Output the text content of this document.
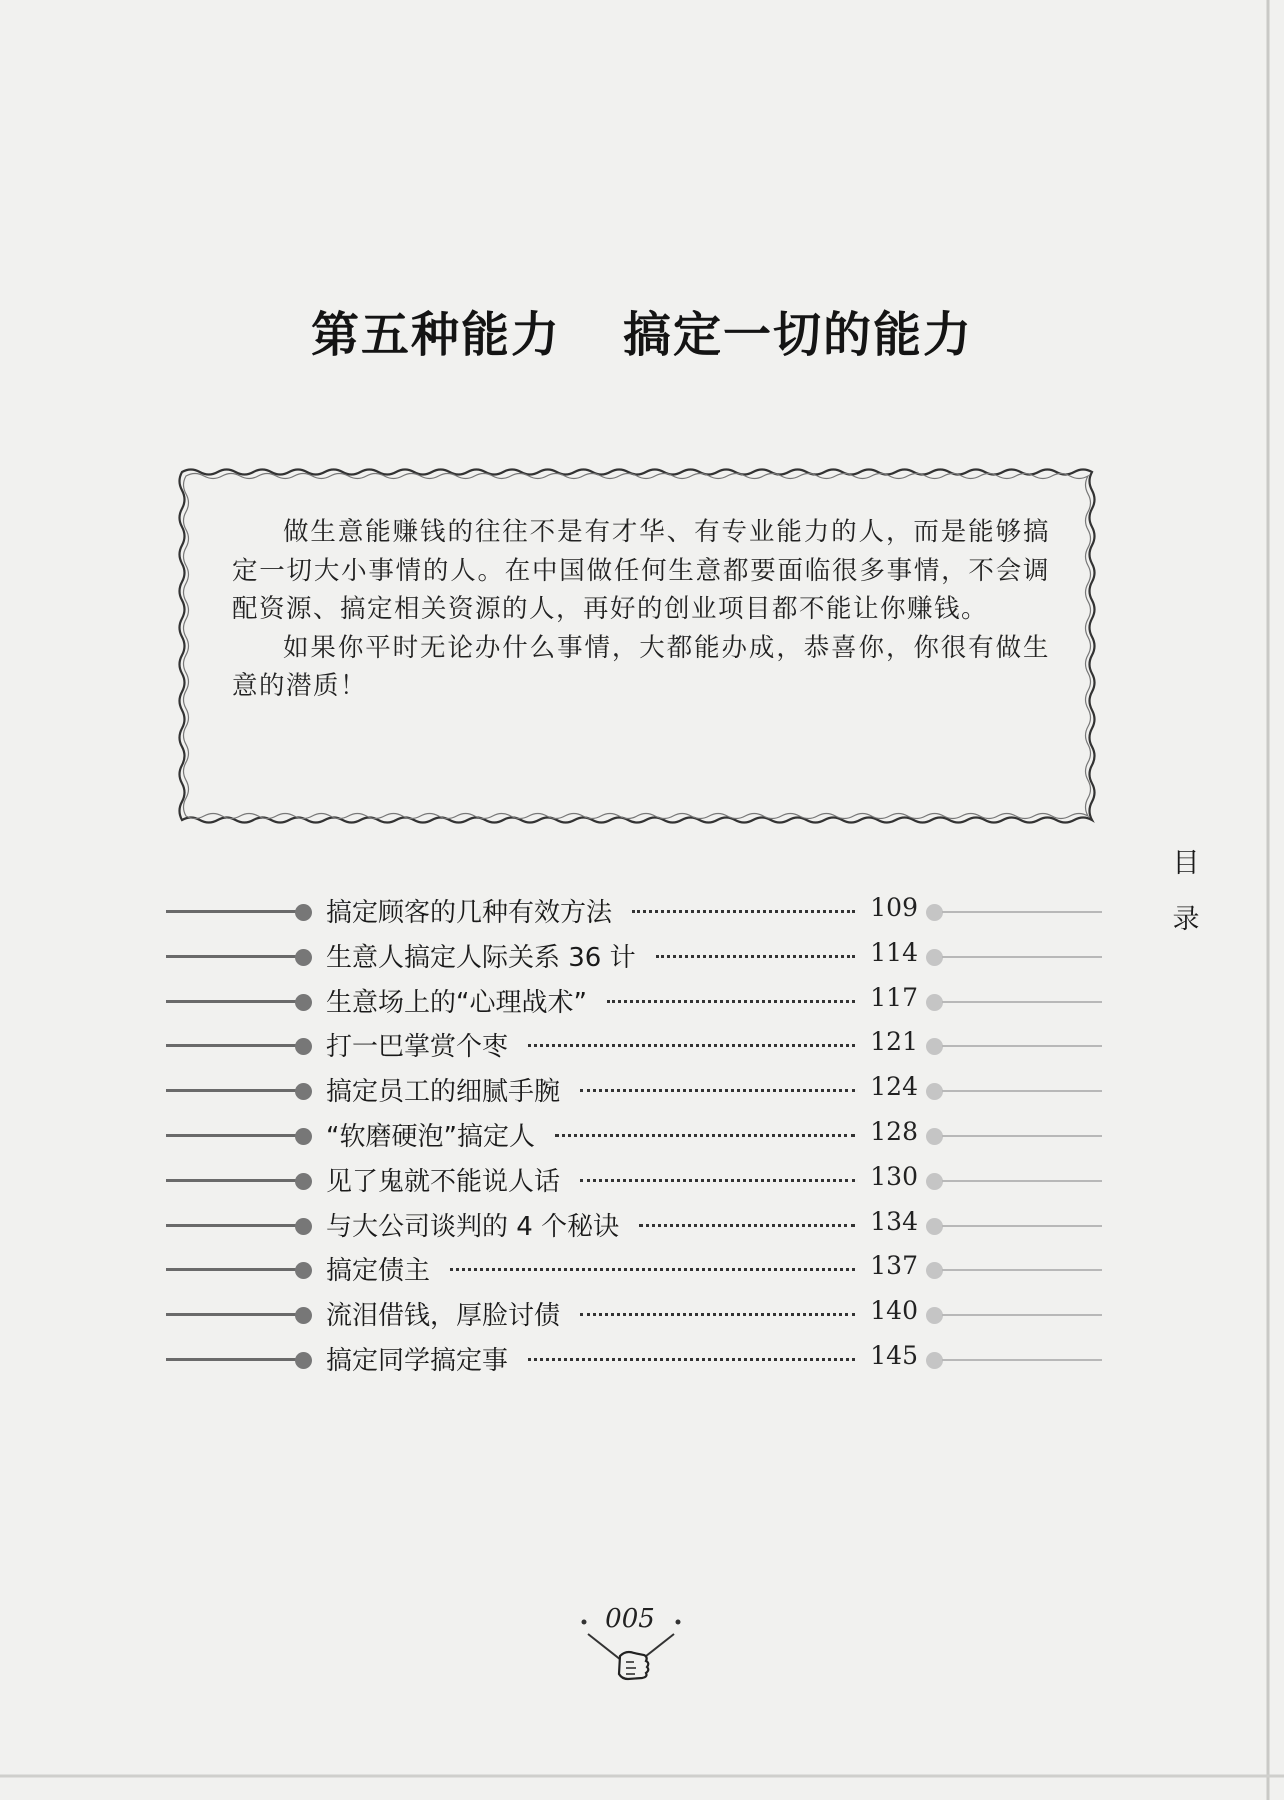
第五种能力 搞定一切的能力

做生意能赚钱的往往不是有才华、有专业能力的人，而是能够搞定一切大小事情的人。在中国做任何生意都要面临很多事情，不会调配资源、搞定相关资源的人，再好的创业项目都不能让你赚钱。

如果你平时无论办什么事情，大都能办成，恭喜你，你很有做生意的潜质！

搞定顾客的几种有效方法	109
生意人搞定人际关系 36 计	114
生意场上的“心理战术”	117
打一巴掌赏个枣	121
搞定员工的细腻手腕	124
“软磨硬泡”搞定人	128
见了鬼就不能说人话	130
与大公司谈判的 4 个秘诀	134
搞定债主	137
流泪借钱，厚脸讨债	140
搞定同学搞定事	145
目
录
005
